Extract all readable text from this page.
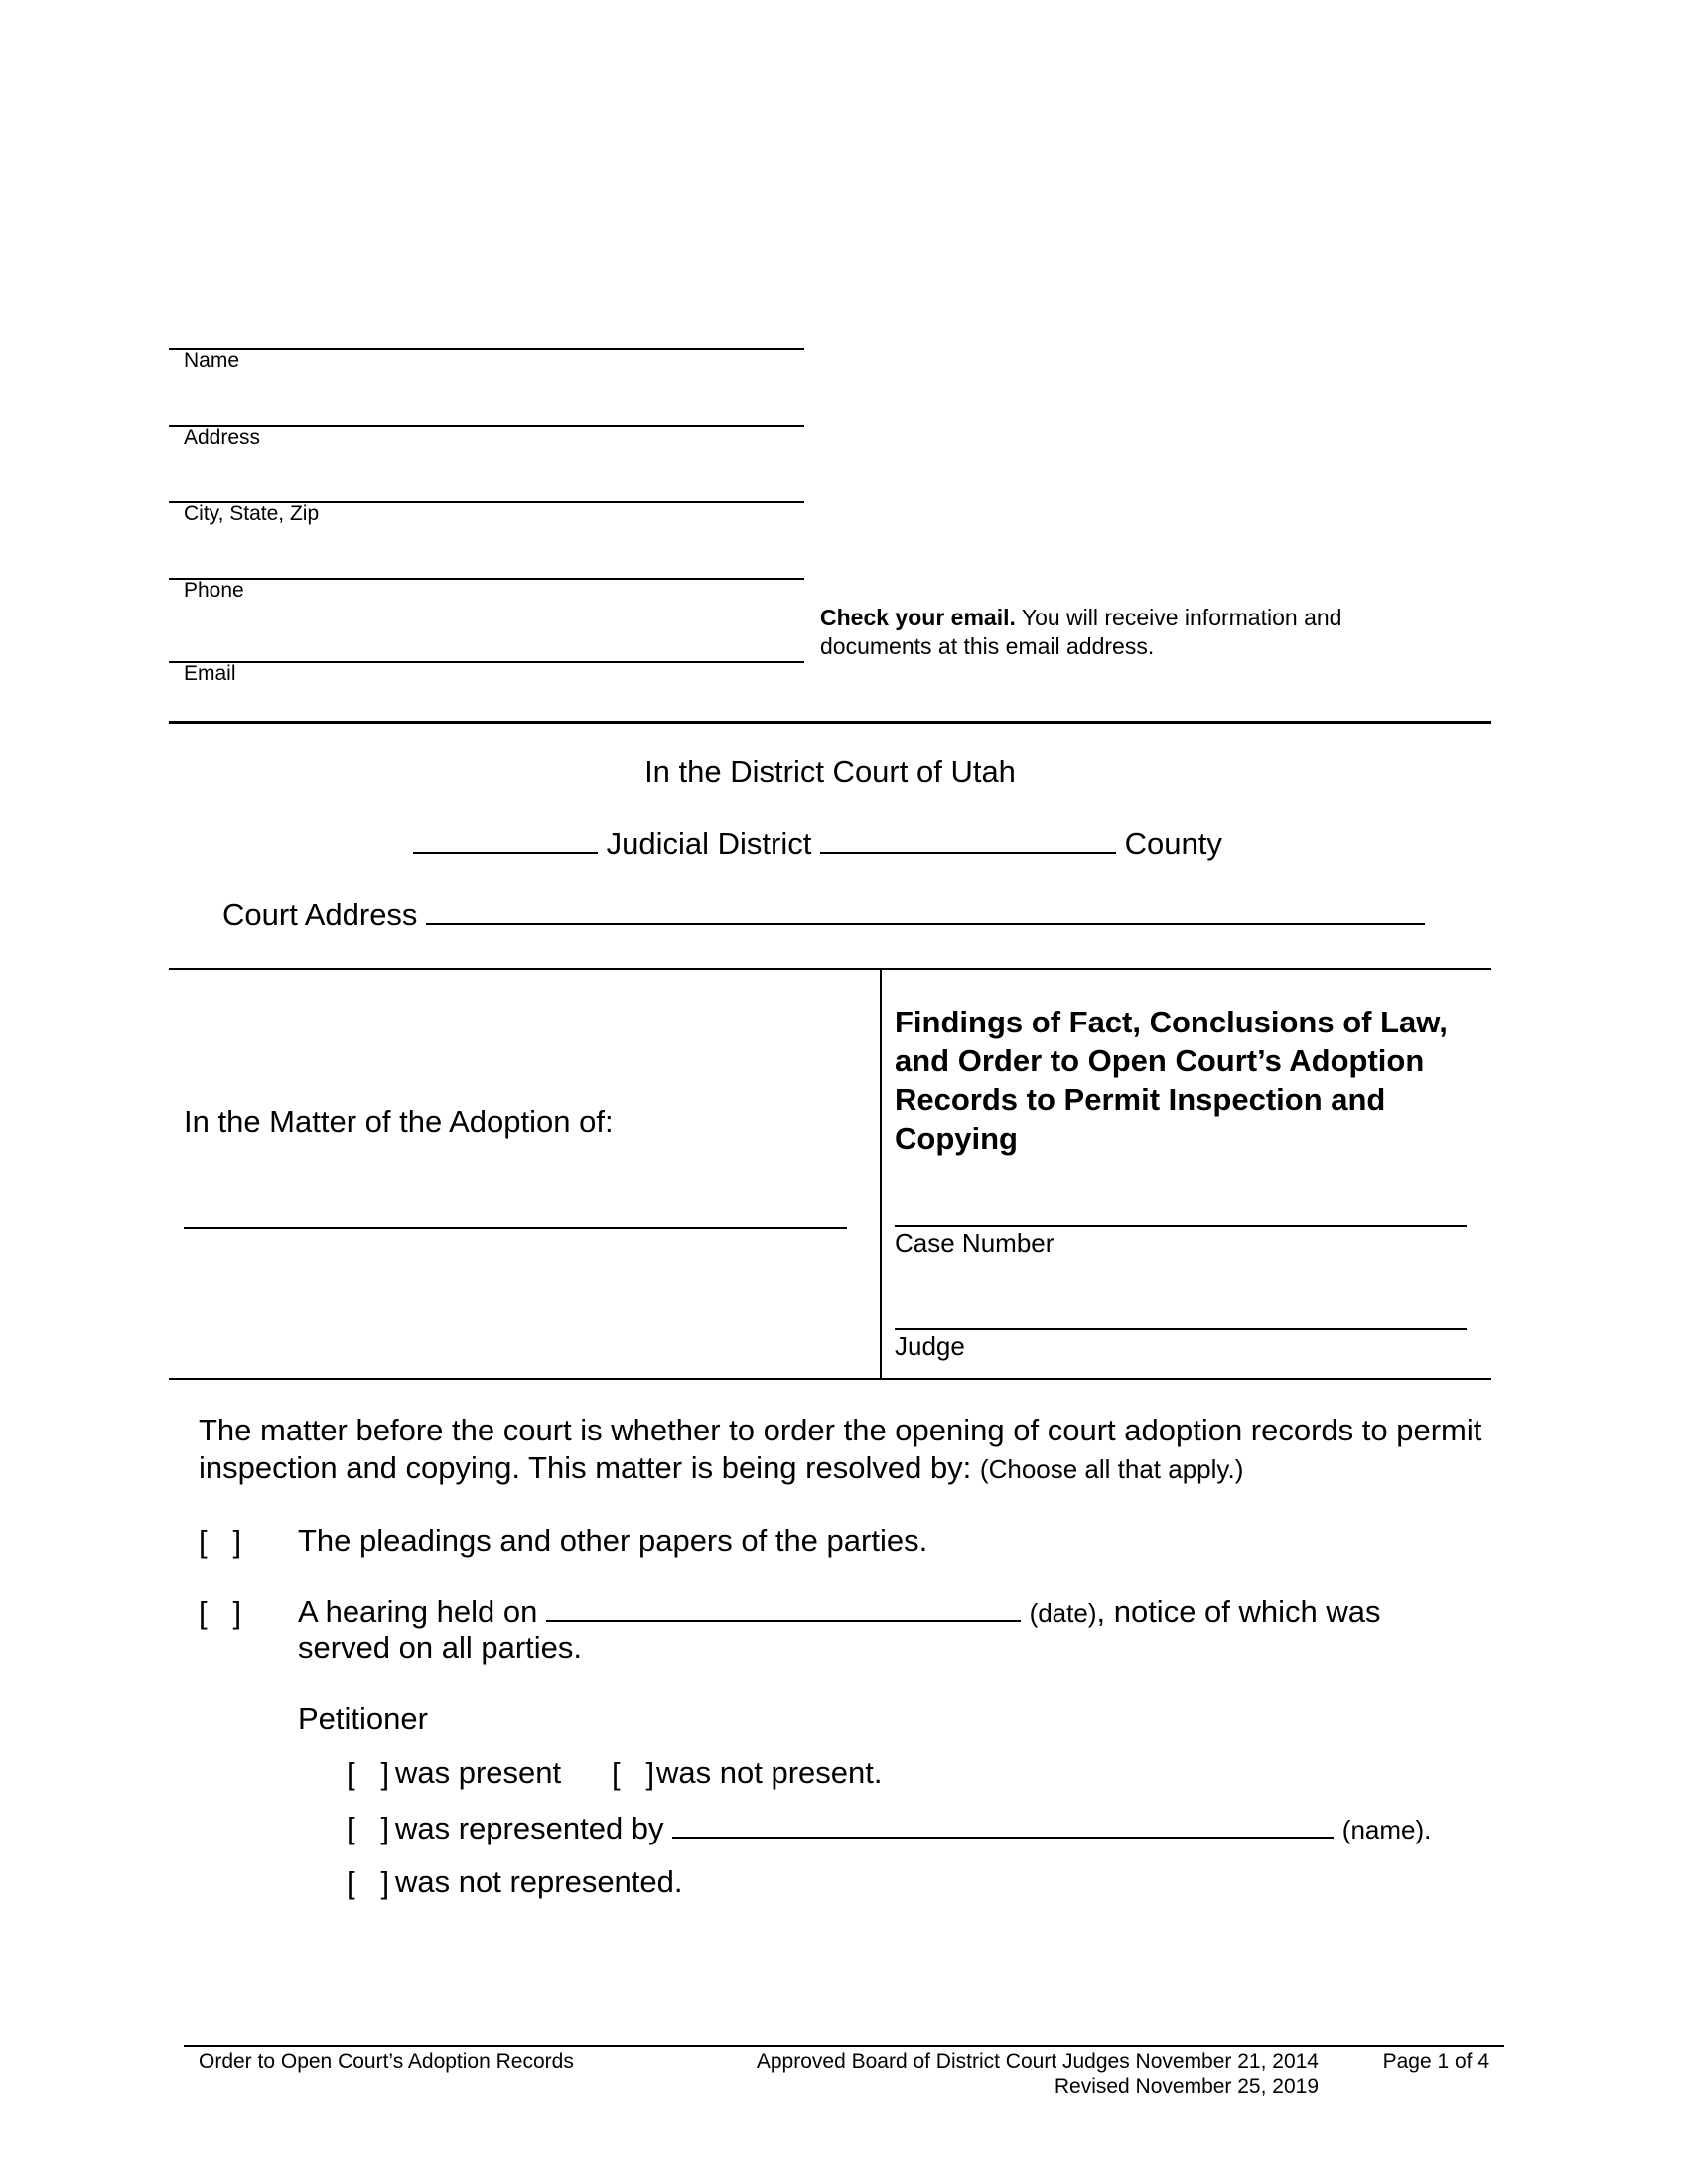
Name
Address
City, State, Zip
Phone
Email
Check your email. You will receive information and documents at this email address.
In the District Court of Utah
Judicial District	County
Court Address
In the Matter of the Adoption of:
Findings of Fact, Conclusions of Law, and Order to Open Court’s Adoption Records to Permit Inspection and Copying
Case Number
Judge
The matter before the court is whether to order the opening of court adoption records to permit inspection and copying. This matter is being resolved by: (Choose all that apply.)
[   ] The pleadings and other papers of the parties.
[   ] A hearing held on	(date), notice of which was
served on all parties.
Petitioner
[   ] was present [   ] was not present.
[   ] was represented by	(name).
[   ] was not represented.
Order to Open Court’s Adoption Records	Approved Board of District Court Judges November 21, 2014
Revised November 25, 2019
Page 1 of 4
